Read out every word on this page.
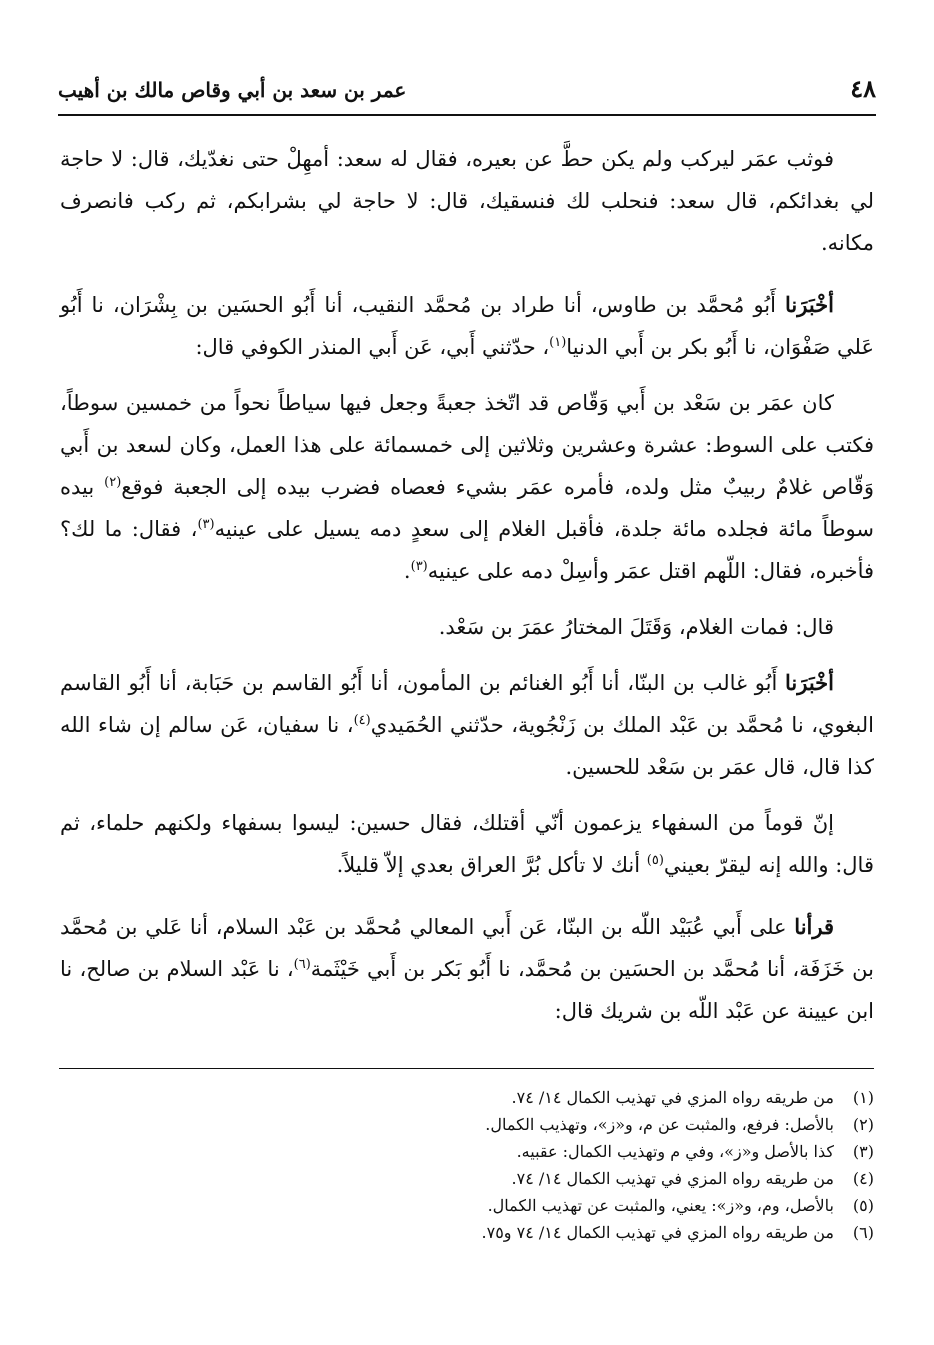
٤٨
عمر بن سعد بن أبي وقاص مالك بن أهيب

فوثب عمَر ليركب ولم يكن حطَّ عن بعيره، فقال له سعد: أمهِلْ حتى نغدّيك، قال: لا حاجة لي بغدائكم، قال سعد: فنحلب لك فنسقيك، قال: لا حاجة لي بشرابكم، ثم ركب فانصرف مكانه.

أخْبَرَنا أَبُو مُحمَّد بن طاوس، أنا طراد بن مُحمَّد النقيب، أنا أَبُو الحسَين بن بِشْرَان، نا أَبُو عَلي صَفْوَان، نا أَبُو بكر بن أَبي الدنيا$^{(١)}$، حدّثني أَبي، عَن أَبي المنذر الكوفي قال:

كان عمَر بن سَعْد بن أَبي وَقّاص قد اتّخذ جعبةً وجعل فيها سياطاً نحواً من خمسين سوطاً، فكتب على السوط: عشرة وعشرين وثلاثين إلى خمسمائة على هذا العمل، وكان لسعد بن أَبي وَقّاص غلامٌ ربيبٌ مثل ولده، فأمره عمَر بشيء فعصاه فضرب بيده إلى الجعبة فوقع$^{(٢)}$ بيده سوطاً مائة فجلده مائة جلدة، فأقبل الغلام إلى سعدٍ دمه يسيل على عينيه$^{(٣)}$، فقال: ما لك؟ فأخبره، فقال: اللّهم اقتل عمَر وأسِلْ دمه على عينيه$^{(٣)}$.

قال: فمات الغلام، وَقَتَلَ المختارُ عمَرَ بن سَعْد.

أخْبَرَنا أَبُو غالب بن البنّا، أنا أَبُو الغنائم بن المأمون، أنا أَبُو القاسم بن حَبَابة، أنا أَبُو القاسم البغوي، نا مُحمَّد بن عَبْد الملك بن زَنْجُوية، حدّثني الحُمَيدي$^{(٤)}$، نا سفيان، عَن سالم إن شاء الله كذا قال، قال عمَر بن سَعْد للحسين.

إنّ قوماً من السفهاء يزعمون أنّي أقتلك، فقال حسين: ليسوا بسفهاء ولكنهم حلماء، ثم قال: والله إنه ليقرّ بعيني$^{(٥)}$ أنك لا تأكل بُرَّ العراق بعدي إلاّ قليلاً.

قرأنا على أَبي عُبَيْد اللّه بن البنّا، عَن أَبي المعالي مُحمَّد بن عَبْد السلام، أنا عَلي بن مُحمَّد بن خَزَفَة، أنا مُحمَّد بن الحسَين بن مُحمَّد، نا أَبُو بَكر بن أَبي خَيْثَمة$^{(٦)}$، نا عَبْد السلام بن صالح، نا ابن عيينة عن عَبْد اللّه بن شريك قال:

(١)
من طريقه رواه المزي في تهذيب الكمال ١٤/ ٧٤.
(٢)
بالأصل: فرفع، والمثبت عن م، و«ز»، وتهذيب الكمال.
(٣)
كذا بالأصل و«ز»، وفي م وتهذيب الكمال: عقبيه.
(٤)
من طريقه رواه المزي في تهذيب الكمال ١٤/ ٧٤.
(٥)
بالأصل، وم، و«ز»: يعني، والمثبت عن تهذيب الكمال.
(٦)
من طريقه رواه المزي في تهذيب الكمال ١٤/ ٧٤ و٧٥.
